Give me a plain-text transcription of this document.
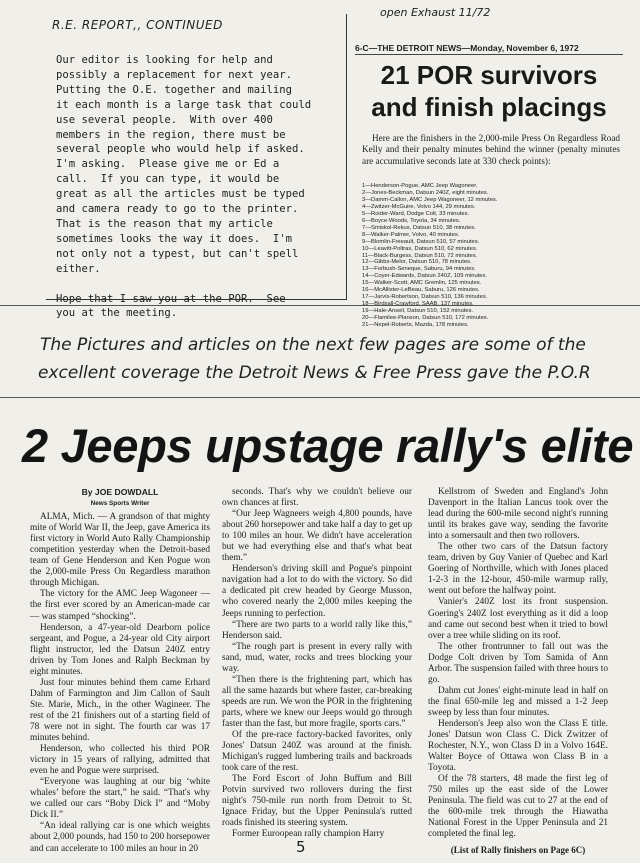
R.E. REPORT‚‚ CONTINUED
Our editor is looking for help and
possibly a replacement for next year.
Putting the O.E. together and mailing
it each month is a large task that could
use several people.  With over 400
members in the region, there must be
several people who would help if asked.
I'm asking.  Please give me or Ed a
call.  If you can type, it would be
great as all the articles must be typed
and camera ready to go to the printer.
That is the reason that my article
sometimes looks the way it does.  I'm
not only not a typest, but can't spell
either.

Hope that I saw you at the POR.  See
you at the meeting.
open Exhaust 11/72
6-C—THE DETROIT NEWS—Monday, November 6, 1972
21 POR survivors
and finish placings
Here are the finishers in the 2,000-mile Press On Regardless Road Kelly and their penalty minutes behind the winner (penalty minutes are accumulative seconds late at 330 check points):
1—Henderson-Pogue, AMC Jeep Wagoneer.
2—Jones-Beckman, Datsun 240Z, eight minutes.
3—Damm-Callon, AMC Jeep Wagoneer, 12 minutes.
4—Zwitzer-McGuire, Volvo 144, 29 minutes.
5—Roider-Ward, Dodge Colt, 33 minutes.
6—Boyce-Woods, Toyota, 34 minutes.
7—Smiskol-Rekus, Datsun 510, 38 minutes.
8—Walker-Palmer, Volvo, 40 minutes.
9—Blomlin-Freeault, Datsun 510, 57 minutes.
10—Leavitt-Poltras, Datsun 510, 62 minutes.
11—Black-Burgess, Datsun 510, 72 minutes.
12—Gibbs-Melor, Datsun 510, 78 minutes.
13—Forbush-Seneque, Saburu, 94 minutes.
14—Coyer-Edwards, Datsun 240Z, 109 minutes.
15—Walker-Scott, AMC Gremlin, 125 minutes.
16—McAllister-LeBeau, Saburu, 126 minutes.
17—Jarvis-Robertson, Datsun 510, 136 minutes.
19—Hale-Anseil, Datsun 510, 152 minutes.
20—Flamilee-Planson, Datsun 510, 172 minutes.
21—Nepel-Roberts, Mazda, 178 minutes.
The Pictures and articles on the next few pages are some of the
excellent coverage the Detroit News & Free Press gave the P.O.R
2 Jeeps upstage rally's elite
By JOE DOWDALL
News Sports Writer

ALMA, Mich. — A grandson of that mighty mite of World War II, the Jeep, gave America its first victory in World Auto Rally Championship competition yesterday when the Detroit-based team of Gene Henderson and Ken Pogue won the 2,000-mile Press On Regardless marathon through Michigan.

The victory for the AMC Jeep Wagoneer — the first ever scored by an American-made car — was stamped “shocking”.

Henderson, a 47-year-old Dearborn police sergeant, and Pogue, a 24-year old City airport flight instructor, led the Datsun 240Z entry driven by Tom Jones and Ralph Beckman by eight minutes.

Just four minutes behind them came Erhard Dahm of Farmington and Jim Callon of Sault Ste. Marie, Mich., in the other Wagineer. The rest of the 21 finishers out of a starting field of 78 were not in sight. The fourth car was 17 minutes behind.

Henderson, who collected his third POR victory in 15 years of rallying, admitted that even he and Pogue were surprised.

“Everyone was laughing at our big ‘white whales’ before the start,” he said. “That's why we called our cars “Boby Dick I” and “Moby Dick II.”

“An ideal rallying car is one which weights about 2,000 pounds, had 150 to 200 horsepower and can accelerate to 100 miles an hour in 20

seconds. That's why we couldn't believe our own chances at first.

“Our Jeep Wagneers weigh 4,800 pounds, have about 260 horsepower and take half a day to get up to 100 miles an hour. We didn't have acceleration but we had everything else and that's what beat them.”

Henderson's driving skill and Pogue's pinpoint navigation had a lot to do with the victory. So did a dedicated pit crew headed by George Musson, who covered nearly the 2,000 miles keeping the Jeeps running to perfection.

“There are two parts to a world rally like this,” Henderson said.

“The rough part is present in every rally with sand, mud, water, rocks and trees blocking your way.

“Then there is the frightening part, which has all the same hazards but where faster, car-breaking speeds are run. We won the POR in the frightening parts, where we knew our Jeeps would go through faster than the fast, but more fragile, sports cars.”

Of the pre-race factory-backed favorites, only Jones' Datsun 240Z was around at the finish. Michigan's rugged lumbering trails and backroads took care of the rest.

The Ford Escort of John Buffum and Bill Potvin survived two rollovers during the first night's 750-mile run north from Detroit to St. Ignace Friday, but the Upper Peninsula's rutted roads finished its steering system.

Former Euroopean rally champion Harry

Kellstrom of Sweden and England's John Davenport in the Italian Lancus took over the lead during the 600-mile second night's running until its brakes gave way, sending the favorite into a somersault and then two rollovers.

The other two cars of the Datsun factory team, driven by Guy Vanier of Quebec and Karl Goering of Northville, which with Jones placed 1-2-3 in the 12-hour, 450-mile warmup rally, went out before the halfway point.

Vanier's 240Z lost its front suspension. Goering's 240Z lost everything as it did a loop and came out second best when it tried to bowl over a tree while sliding on its roof.

The other frontrunner to fall out was the Dodge Colt driven by Tom Samida of Ann Arbor. The suspension failed with three hours to go.

Dahm cut Jones' eight-minute lead in half on the final 650-mile leg and missed a 1-2 Jeep sweep by less than four minutes.

Henderson's Jeep also won the Class E title. Jones' Datsun won Class C. Dick Zwitzer of Rochester, N.Y., won Class D in a Volvo 164E. Walter Boyce of Ottawa won Class B in a Toyota.

Of the 78 starters, 48 made the first leg of 750 miles up the east side of the Lower Peninsula. The field was cut to 27 at the end of the 600-mile trek through the Hiawatha National Forest in the Upper Peninsula and 21 completed the final leg.

(List of Rally finishers on Page 6C)
5
